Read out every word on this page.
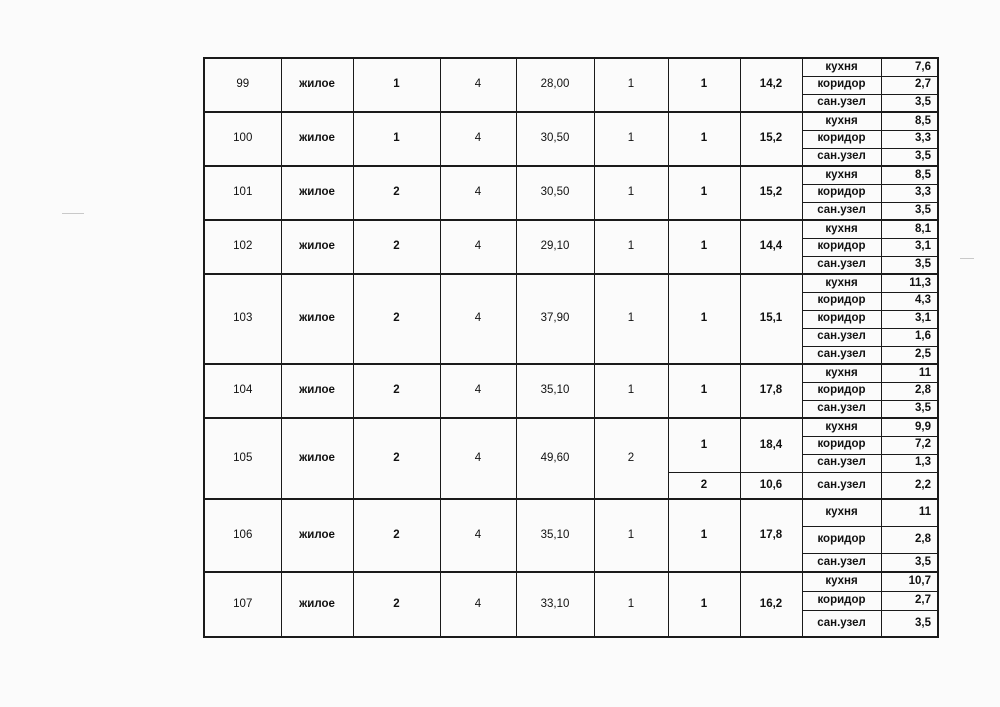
99	жилое	1	4	28,00	1	1	14,2	кухня	7,6
								коридор	2,7
								сан.узел	3,5
100	жилое	1	4	30,50	1	1	15,2	кухня	8,5
								коридор	3,3
								сан.узел	3,5
101	жилое	2	4	30,50	1	1	15,2	кухня	8,5
								коридор	3,3
								сан.узел	3,5
102	жилое	2	4	29,10	1	1	14,4	кухня	8,1
								коридор	3,1
								сан.узел	3,5
103	жилое	2	4	37,90	1	1	15,1	кухня	11,3
								коридор	4,3
								коридор	3,1
								сан.узел	1,6
								сан.узел	2,5
104	жилое	2	4	35,10	1	1	17,8	кухня	11
								коридор	2,8
								сан.узел	3,5
105	жилое	2	4	49,60	2	1	18,4	кухня	9,9
								коридор	7,2
								сан.узел	1,3
						2	10,6	сан.узел	2,2
106	жилое	2	4	35,10	1	1	17,8	кухня	11
								коридор	2,8
								сан.узел	3,5
107	жилое	2	4	33,10	1	1	16,2	кухня	10,7
								коридор	2,7
								сан.узел	3,5
